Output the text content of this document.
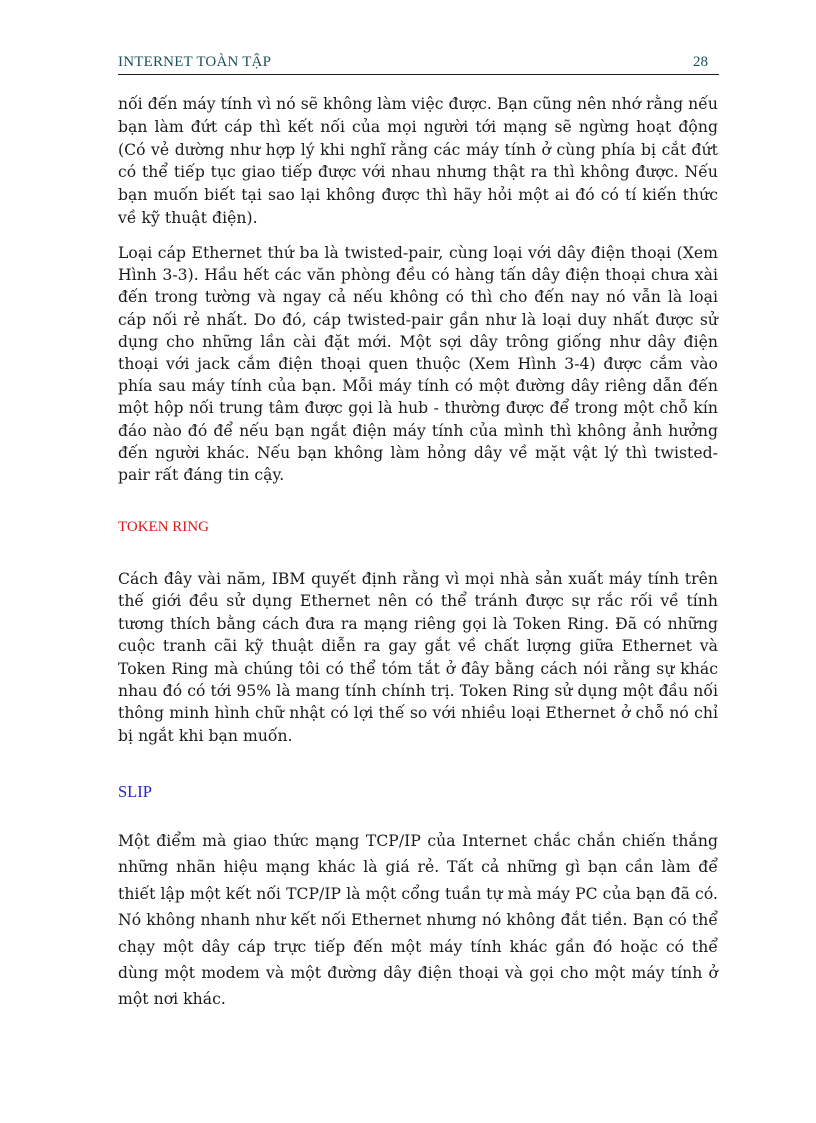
INTERNET TOÀN TẬP	28

nối đến máy tính vì nó sẽ không làm việc được. Bạn cũng nên nhớ rằng nếu bạn làm đứt cáp thì kết nối của mọi người tới mạng sẽ ngừng hoạt động (Có vẻ dường như hợp lý khi nghĩ rằng các máy tính ở cùng phía bị cắt đứt có thể tiếp tục giao tiếp được với nhau nhưng thật ra thì không được. Nếu bạn muốn biết tại sao lại không được thì hãy hỏi một ai đó có tí kiến thức về kỹ thuật điện).

Loại cáp Ethernet thứ ba là twisted-pair, cùng loại với dây điện thoại (Xem Hình 3-3). Hầu hết các văn phòng đều có hàng tấn dây điện thoại chưa xài đến trong tường và ngay cả nếu không có thì cho đến nay nó vẫn là loại cáp nối rẻ nhất. Do đó, cáp twisted-pair gần như là loại duy nhất được sử dụng cho những lần cài đặt mới. Một sợi dây trông giống như dây điện thoại với jack cắm điện thoại quen thuộc (Xem Hình 3-4) được cắm vào phía sau máy tính của bạn. Mỗi máy tính có một đường dây riêng dẫn đến một hộp nối trung tâm được gọi là hub - thường được để trong một chỗ kín đáo nào đó để nếu bạn ngắt điện máy tính của mình thì không ảnh hưởng đến người khác. Nếu bạn không làm hỏng dây về mặt vật lý thì twisted-pair rất đáng tin cậy.

TOKEN RING

Cách đây vài năm, IBM quyết định rằng vì mọi nhà sản xuất máy tính trên thế giới đều sử dụng Ethernet nên có thể tránh được sự rắc rối về tính tương thích bằng cách đưa ra mạng riêng gọi là Token Ring. Đã có những cuộc tranh cãi kỹ thuật diễn ra gay gắt về chất lượng giữa Ethernet và Token Ring mà chúng tôi có thể tóm tắt ở đây bằng cách nói rằng sự khác nhau đó có tới 95% là mang tính chính trị. Token Ring sử dụng một đầu nối thông minh hình chữ nhật có lợi thế so với nhiều loại Ethernet ở chỗ nó chỉ bị ngắt khi bạn muốn.

SLIP

Một điểm mà giao thức mạng TCP/IP của Internet chắc chắn chiến thắng những nhãn hiệu mạng khác là giá rẻ. Tất cả những gì bạn cần làm để thiết lập một kết nối TCP/IP là một cổng tuần tự mà máy PC của bạn đã có. Nó không nhanh như kết nối Ethernet nhưng nó không đắt tiền. Bạn có thể chạy một dây cáp trực tiếp đến một máy tính khác gần đó hoặc có thể dùng một modem và một đường dây điện thoại và gọi cho một máy tính ở một nơi khác.
